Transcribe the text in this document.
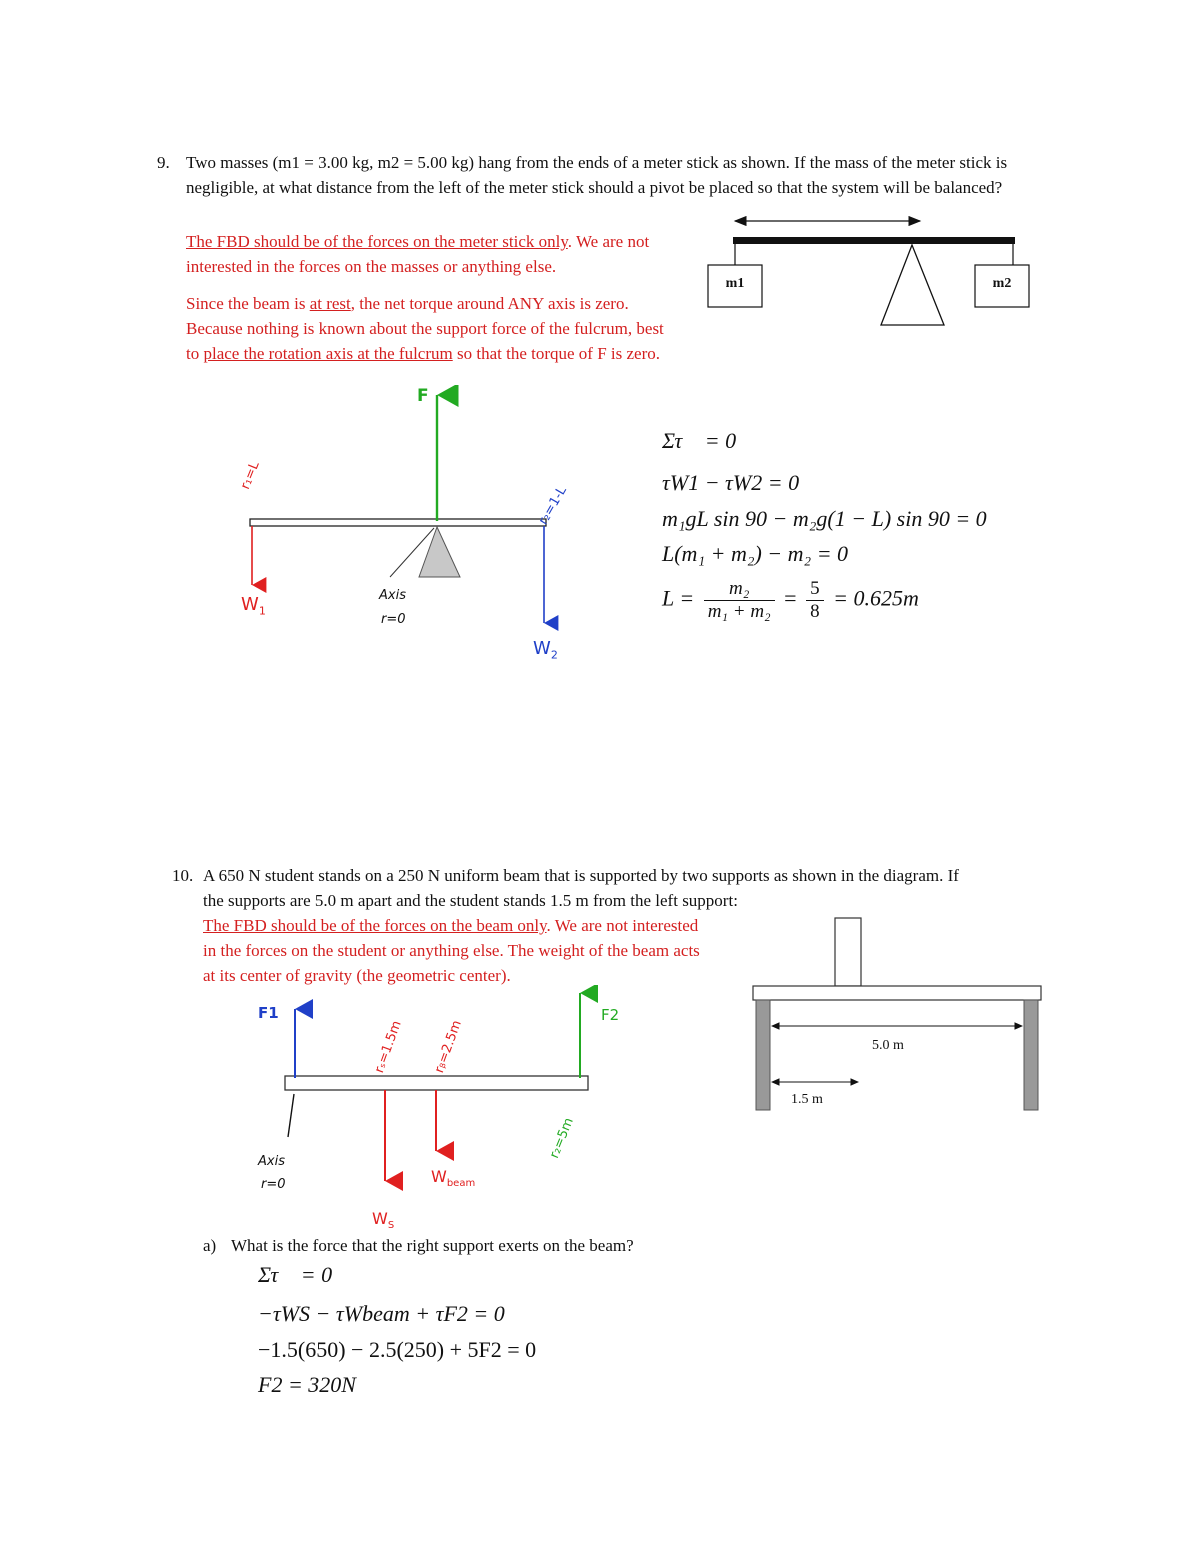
9. Two masses (m1 = 3.00 kg, m2 = 5.00 kg) hang from the ends of a meter stick as shown. If the mass of the meter stick is negligible, at what distance from the left of the meter stick should a pivot be placed so that the system will be balanced?
The FBD should be of the forces on the meter stick only. We are not interested in the forces on the masses or anything else.
Since the beam is at rest, the net torque around ANY axis is zero. Because nothing is known about the support force of the fulcrum, best to place the rotation axis at the fulcrum so that the torque of F is zero.
m1	m2
F
$W_1$
$W_2$
r₁=L
r₂=1-L
Axis
r=0
Στ⃗ = 0
τW1 − τW2 = 0
m₁gL sin 90 − m₂g(1 − L) sin 90 = 0
L(m₁ + m₂) − m₂ = 0
$L = \frac{\text{m₂}}{\text{m₁ + m₂}} = \frac{5}{8} = 0.625m$
10. A 650 N student stands on a 250 N uniform beam that is supported by two supports as shown in the diagram. If the supports are 5.0 m apart and the student stands 1.5 m from the left support:
The FBD should be of the forces on the beam only. We are not interested in the forces on the student or anything else. The weight of the beam acts at its center of gravity (the geometric center).
5.0 m
1.5 m
F1	F2
rₛ=1.5m rᵦ=2.5m
r₂=5m
Axis
r=0	$W_{beam}$
$W_S$
a) What is the force that the right support exerts on the beam?
Στ⃗ = 0
−τWS − τWbeam + τF2 = 0
−1.5(650) − 2.5(250) + 5F2 = 0
F2 = 320N
